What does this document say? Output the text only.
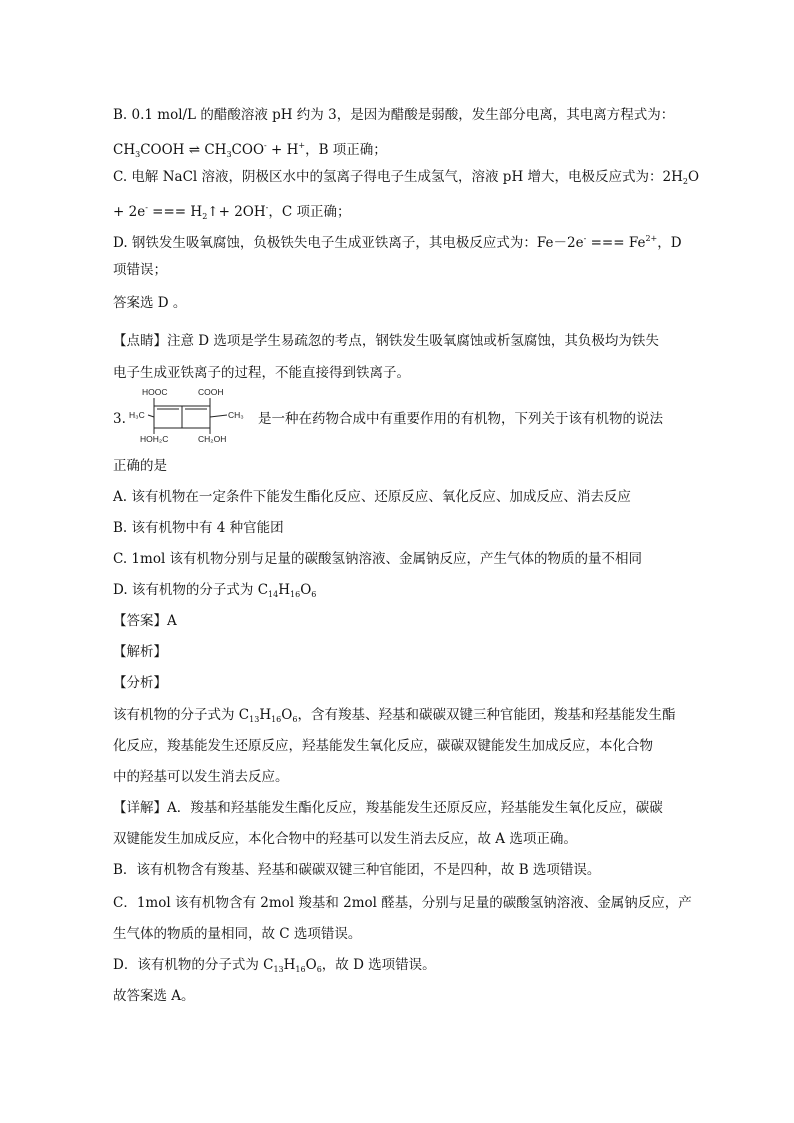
B. 0.1 mol/L 的醋酸溶液 pH 约为 3，是因为醋酸是弱酸，发生部分电离，其电离方程式为：
$CH_3COOH$ ⇌ $CH_3COO^- + H^+$，B 项正确；
C. 电解 NaCl 溶液，阴极区水中的氢离子得电子生成氢气，溶液 pH 增大，电极反应式为：$2H_2O$
+ 2e- === $H_2↑+ 2OH^-$，C 项正确；
D. 钢铁发生吸氧腐蚀，负极铁失电子生成亚铁离子，其电极反应式为：Fe－2e- === $Fe^{2+}$，D
项错误；
答案选 D 。
【点睛】注意 D 选项是学生易疏忽的考点，钢铁发生吸氧腐蚀或析氢腐蚀，其负极均为铁失
电子生成亚铁离子的过程，不能直接得到铁离子。
3.
HOOC	COOH
H₃C	CH₃
HOH₂C	CH₂OH
是一种在药物合成中有重要作用的有机物，下列关于该有机物的说法
正确的是
A. 该有机物在一定条件下能发生酯化反应、还原反应、氧化反应、加成反应、消去反应
B. 该有机物中有 4 种官能团
C. 1mol 该有机物分别与足量的碳酸氢钠溶液、金属钠反应，产生气体的物质的量不相同
D. 该有机物的分子式为 $C_{14}H_{16}O_6$
【答案】A
【解析】
【分析】
该有机物的分子式为 $C_{13}H_{16}O_6$，含有羧基、羟基和碳碳双键三种官能团，羧基和羟基能发生酯
化反应，羧基能发生还原反应，羟基能发生氧化反应，碳碳双键能发生加成反应，本化合物
中的羟基可以发生消去反应。
【详解】A．羧基和羟基能发生酯化反应，羧基能发生还原反应，羟基能发生氧化反应，碳碳
双键能发生加成反应，本化合物中的羟基可以发生消去反应，故 A 选项正确。
B．该有机物含有羧基、羟基和碳碳双键三种官能团，不是四种，故 B 选项错误。
C．1mol 该有机物含有 2mol 羧基和 2mol 醛基，分别与足量的碳酸氢钠溶液、金属钠反应，产
生气体的物质的量相同，故 C 选项错误。
D．该有机物的分子式为 $C_{13}H_{16}O_6$，故 D 选项错误。
故答案选 A。
